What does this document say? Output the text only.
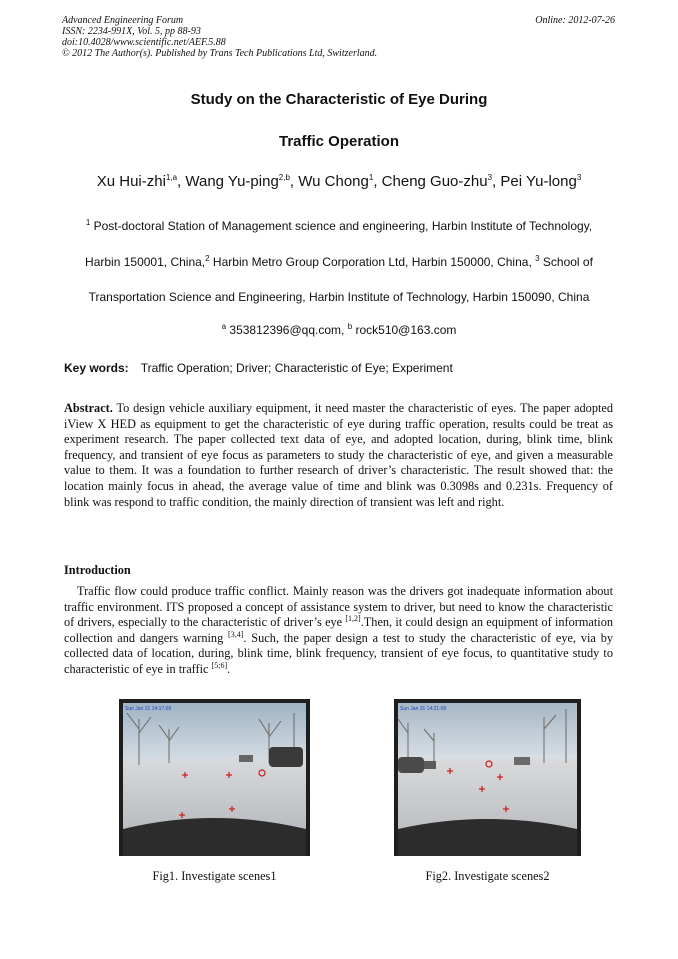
Advanced Engineering Forum
ISSN: 2234-991X, Vol. 5, pp 88-93
doi:10.4028/www.scientific.net/AEF.5.88
© 2012 The Author(s). Published by Trans Tech Publications Ltd, Switzerland.
Online: 2012-07-26
Study on the Characteristic of Eye During
Traffic Operation
Xu Hui-zhi$^{1,a}$, Wang Yu-ping$^{2,b}$, Wu Chong$^1$, Cheng Guo-zhu$^3$, Pei Yu-long$^3$
$^1$ Post-doctoral Station of Management science and engineering, Harbin Institute of Technology,
Harbin 150001, China,$^2$ Harbin Metro Group Corporation Ltd, Harbin 150000, China, $^3$ School of
Transportation Science and Engineering, Harbin Institute of Technology, Harbin 150090, China
$^a$ 353812396@qq.com, $^b$ rock510@163.com
Key words: Traffic Operation; Driver; Characteristic of Eye; Experiment
Abstract. To design vehicle auxiliary equipment, it need master the characteristic of eyes. The paper adopted iView X HED as equipment to get the characteristic of eye during traffic operation, results could be treat as experiment research. The paper collected text data of eye, and adopted location, during, blink time, blink frequency, and transient of eye focus as parameters to study the characteristic of eye, and given a measurable value to them. It was a foundation to further research of driver’s characteristic. The result showed that: the location mainly focus in ahead, the average value of time and blink was 0.3098s and 0.231s. Frequency of blink was respond to traffic condition, the mainly direction of transient was left and right.
Introduction
Traffic flow could produce traffic conflict. Mainly reason was the drivers got inadequate information about traffic environment. ITS proposed a concept of assistance system to driver, but need to know the characteristic of drivers, especially to the characteristic of driver’s eye [1,2].Then, it could design an equipment of information collection and dangers warning [3,4]. Such, the paper design a test to study the characteristic of eye, via by collected data of location, during, blink time, blink frequency, transient of eye focus, to quantitative study to characteristic of eye in traffic [5;6].
Sun Jan 31 14:17:09
Fig1. Investigate scenes1
Sun Jan 31 14:21:09
Fig2. Investigate scenes2
